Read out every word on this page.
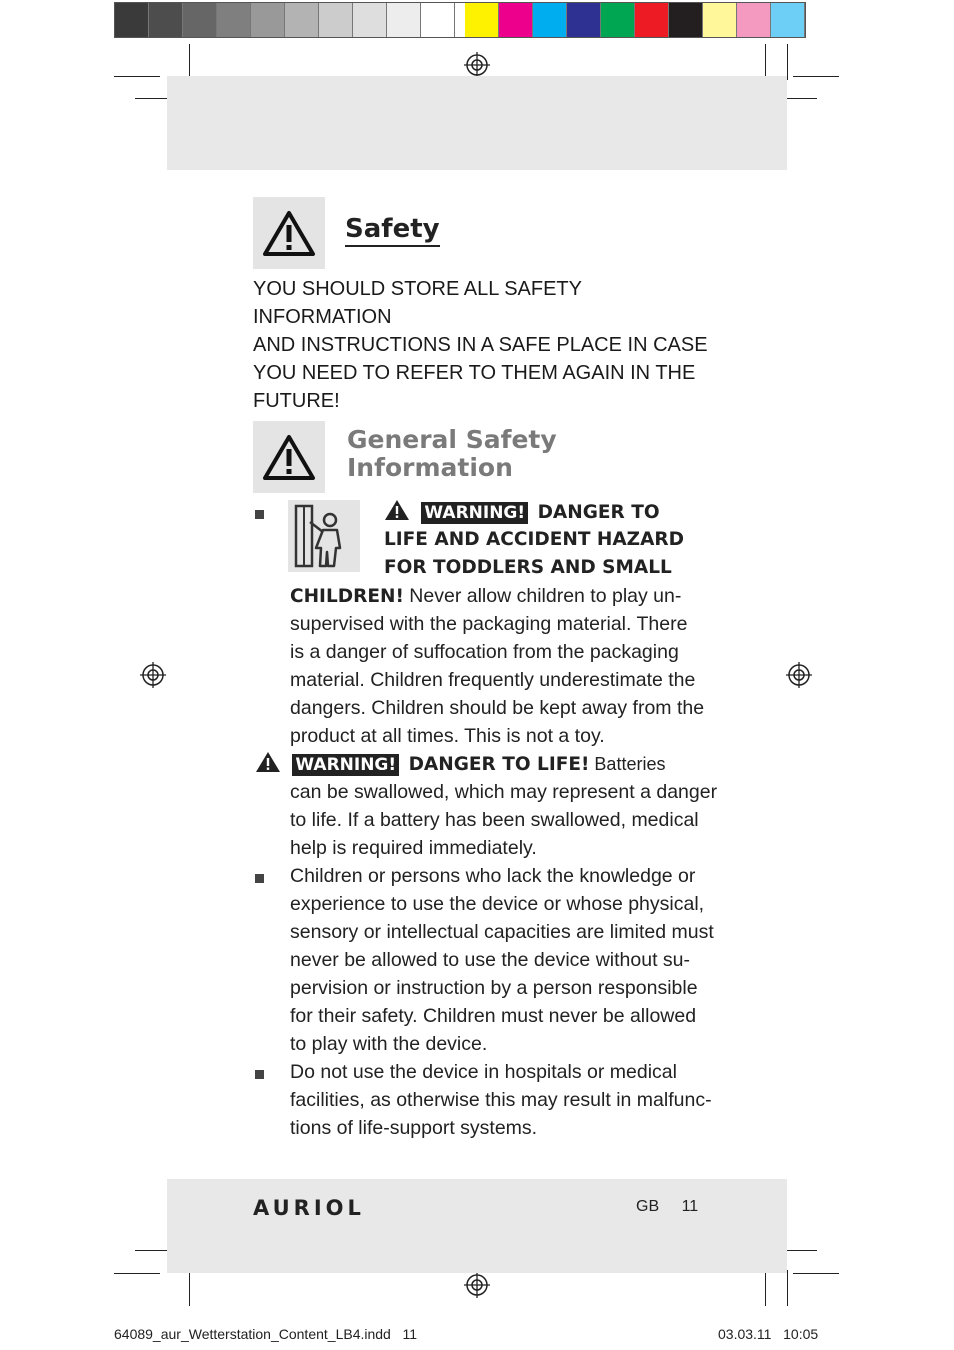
Safety
YOU SHOULD STORE ALL SAFETY INFORMATION
AND INSTRUCTIONS IN A SAFE PLACE IN CASE
YOU NEED TO REFER TO THEM AGAIN IN THE
FUTURE!
General Safety
Information
WARNING! DANGER TO
LIFE AND ACCIDENT HAZARD
FOR TODDLERS AND SMALL
CHILDREN! Never allow children to play un-
supervised with the packaging material. There
is a danger of suffocation from the packaging
material. Children frequently underestimate the
dangers. Children should be kept away from the
product at all times. This is not a toy.
WARNING! DANGER TO LIFE! Batteries
can be swallowed, which may represent a danger
to life. If a battery has been swallowed, medical
help is required immediately.
Children or persons who lack the knowledge or
experience to use the device or whose physical,
sensory or intellectual capacities are limited must
never be allowed to use the device without su-
pervision or instruction by a person responsible
for their safety. Children must never be allowed
to play with the device.
Do not use the device in hospitals or medical
facilities, as otherwise this may result in malfunc-
tions of life-support systems.
AURIOL	GB 11
64089_aur_Wetterstation_Content_LB4.indd   11	03.03.11   10:05
